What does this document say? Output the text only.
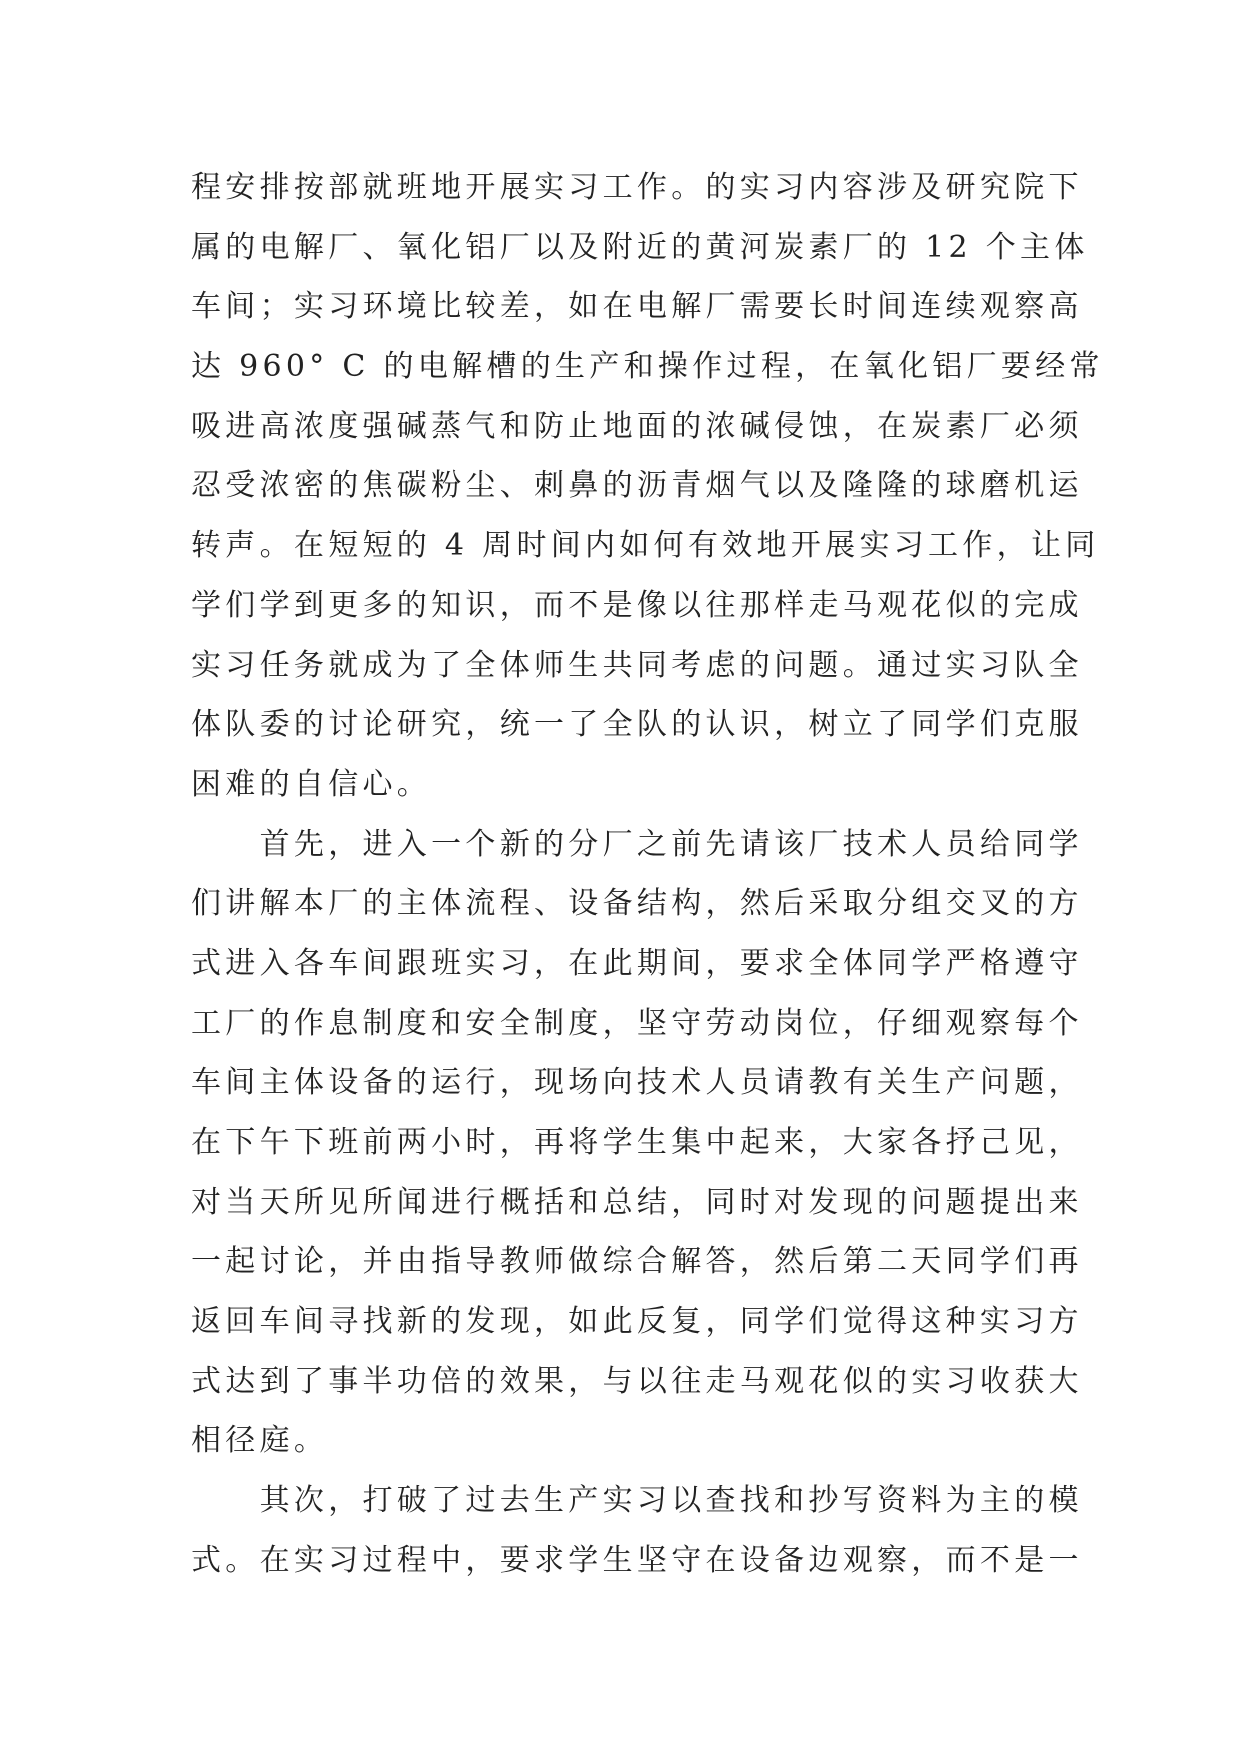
程安排按部就班地开展实习工作。的实习内容涉及研究院下
属的电解厂、氧化铝厂以及附近的黄河炭素厂的 12 个主体
车间；实习环境比较差，如在电解厂需要长时间连续观察高
达 960° C 的电解槽的生产和操作过程，在氧化铝厂要经常
吸进高浓度强碱蒸气和防止地面的浓碱侵蚀，在炭素厂必须
忍受浓密的焦碳粉尘、刺鼻的沥青烟气以及隆隆的球磨机运
转声。在短短的 4 周时间内如何有效地开展实习工作，让同
学们学到更多的知识，而不是像以往那样走马观花似的完成
实习任务就成为了全体师生共同考虑的问题。通过实习队全
体队委的讨论研究，统一了全队的认识，树立了同学们克服
困难的自信心。
　　首先，进入一个新的分厂之前先请该厂技术人员给同学
们讲解本厂的主体流程、设备结构，然后采取分组交叉的方
式进入各车间跟班实习，在此期间，要求全体同学严格遵守
工厂的作息制度和安全制度，坚守劳动岗位，仔细观察每个
车间主体设备的运行，现场向技术人员请教有关生产问题，
在下午下班前两小时，再将学生集中起来，大家各抒己见，
对当天所见所闻进行概括和总结，同时对发现的问题提出来
一起讨论，并由指导教师做综合解答，然后第二天同学们再
返回车间寻找新的发现，如此反复，同学们觉得这种实习方
式达到了事半功倍的效果，与以往走马观花似的实习收获大
相径庭。
　　其次，打破了过去生产实习以查找和抄写资料为主的模
式。在实习过程中，要求学生坚守在设备边观察，而不是一
